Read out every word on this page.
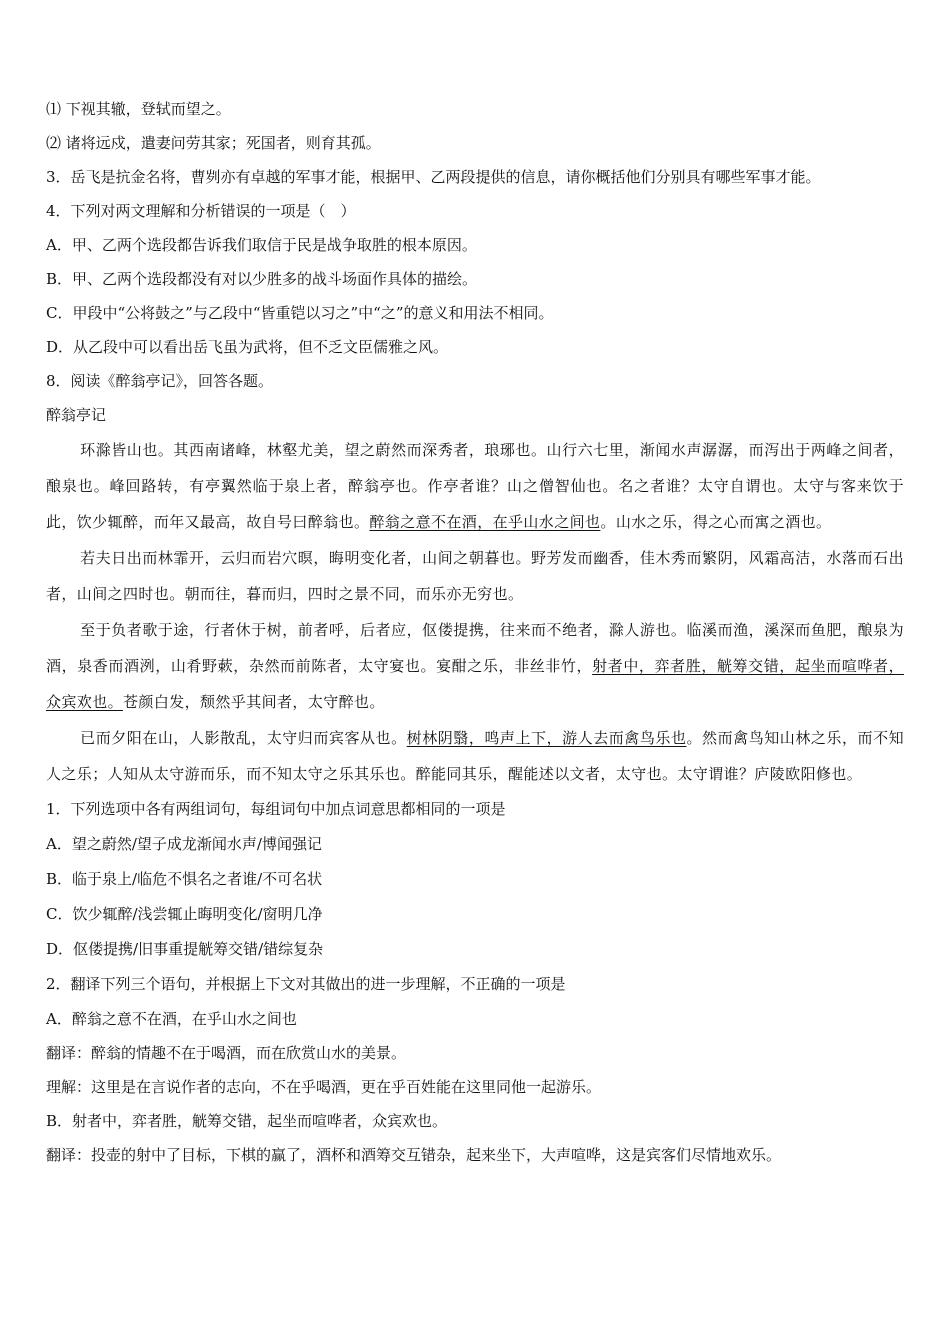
⑴ 下视其辙，登轼而望之。
⑵ 诸将远戍，遣妻问劳其家；死国者，则育其孤。
3．岳飞是抗金名将，曹刿亦有卓越的军事才能，根据甲、乙两段提供的信息，请你概括他们分别具有哪些军事才能。
4．下列对两文理解和分析错误的一项是（　）
A．甲、乙两个选段都告诉我们取信于民是战争取胜的根本原因。
B．甲、乙两个选段都没有对以少胜多的战斗场面作具体的描绘。
C．甲段中“公将鼓之”与乙段中“皆重铠以习之”中“之”的意义和用法不相同。
D．从乙段中可以看出岳飞虽为武将，但不乏文臣儒雅之风。
8．阅读《醉翁亭记》，回答各题。
醉翁亭记

环滁皆山也。其西南诸峰，林壑尤美，望之蔚然而深秀者，琅琊也。山行六七里，渐闻水声潺潺，而泻出于两峰之间者，酿泉也。峰回路转，有亭翼然临于泉上者，醉翁亭也。作亭者谁？山之僧智仙也。名之者谁？太守自谓也。太守与客来饮于此，饮少辄醉，而年又最高，故自号曰醉翁也。醉翁之意不在酒，在乎山水之间也。山水之乐，得之心而寓之酒也。

若夫日出而林霏开，云归而岩穴暝，晦明变化者，山间之朝暮也。野芳发而幽香，佳木秀而繁阴，风霜高洁，水落而石出者，山间之四时也。朝而往，暮而归，四时之景不同，而乐亦无穷也。

至于负者歌于途，行者休于树，前者呼，后者应，伛偻提携，往来而不绝者，滁人游也。临溪而渔，溪深而鱼肥，酿泉为酒，泉香而酒洌，山肴野蔌，杂然而前陈者，太守宴也。宴酣之乐，非丝非竹，射者中，弈者胜，觥筹交错，起坐而喧哗者，众宾欢也。苍颜白发，颓然乎其间者，太守醉也。

已而夕阳在山，人影散乱，太守归而宾客从也。树林阴翳，鸣声上下，游人去而禽鸟乐也。然而禽鸟知山林之乐，而不知人之乐；人知从太守游而乐，而不知太守之乐其乐也。醉能同其乐，醒能述以文者，太守也。太守谓谁？庐陵欧阳修也。

1．下列选项中各有两组词句，每组词句中加点词意思都相同的一项是
A．望之蔚然/望子成龙渐闻水声/博闻强记
B．临于泉上/临危不惧名之者谁/不可名状
C．饮少辄醉/浅尝辄止晦明变化/窗明几净
D．伛偻提携/旧事重提觥筹交错/错综复杂
2．翻译下列三个语句，并根据上下文对其做出的进一步理解，不正确的一项是
A．醉翁之意不在酒，在乎山水之间也
翻译：醉翁的情趣不在于喝酒，而在欣赏山水的美景。
理解：这里是在言说作者的志向，不在乎喝酒，更在乎百姓能在这里同他一起游乐。
B．射者中，弈者胜，觥筹交错，起坐而喧哗者，众宾欢也。
翻译：投壶的射中了目标，下棋的赢了，酒杯和酒筹交互错杂，起来坐下，大声喧哗，这是宾客们尽情地欢乐。
